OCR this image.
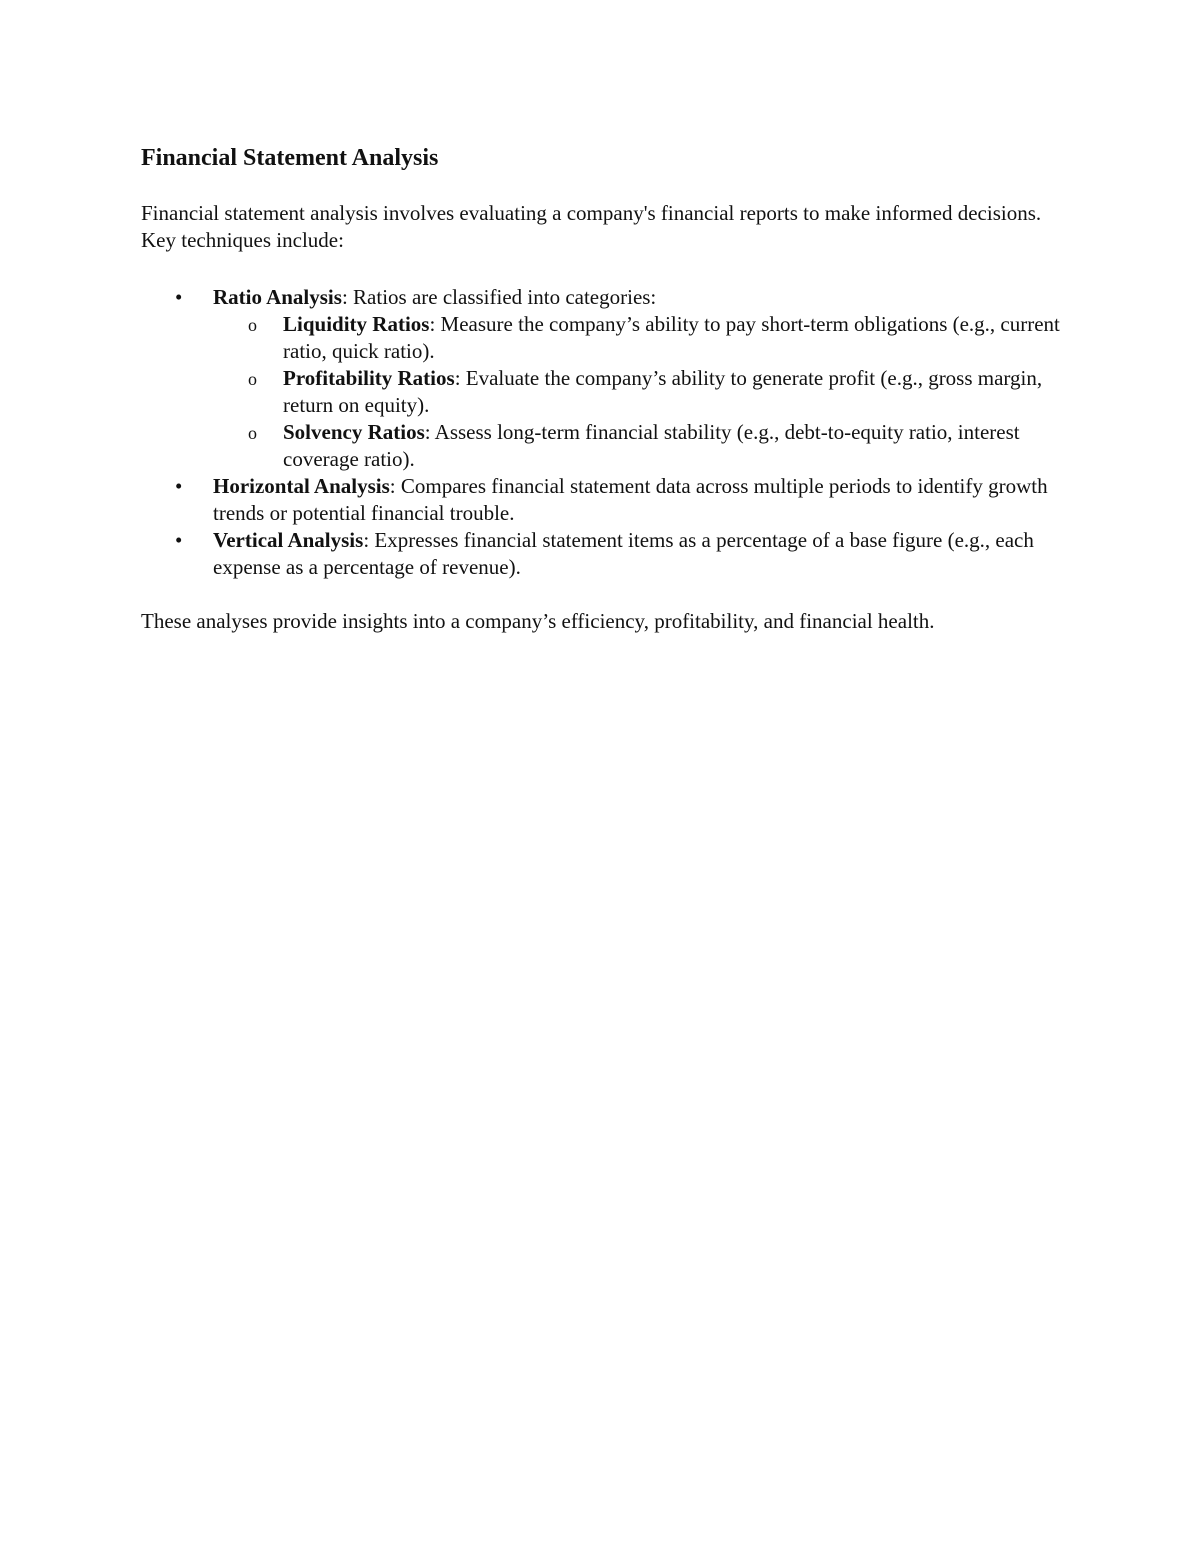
Financial Statement Analysis

Financial statement analysis involves evaluating a company's financial reports to make informed decisions. Key techniques include:

• Ratio Analysis: Ratios are classified into categories:
o Liquidity Ratios: Measure the company’s ability to pay short-term obligations (e.g., current ratio, quick ratio).
o Profitability Ratios: Evaluate the company’s ability to generate profit (e.g., gross margin, return on equity).
o Solvency Ratios: Assess long-term financial stability (e.g., debt-to-equity ratio, interest coverage ratio).
• Horizontal Analysis: Compares financial statement data across multiple periods to identify growth trends or potential financial trouble.
• Vertical Analysis: Expresses financial statement items as a percentage of a base figure (e.g., each expense as a percentage of revenue).

These analyses provide insights into a company’s efficiency, profitability, and financial health.
